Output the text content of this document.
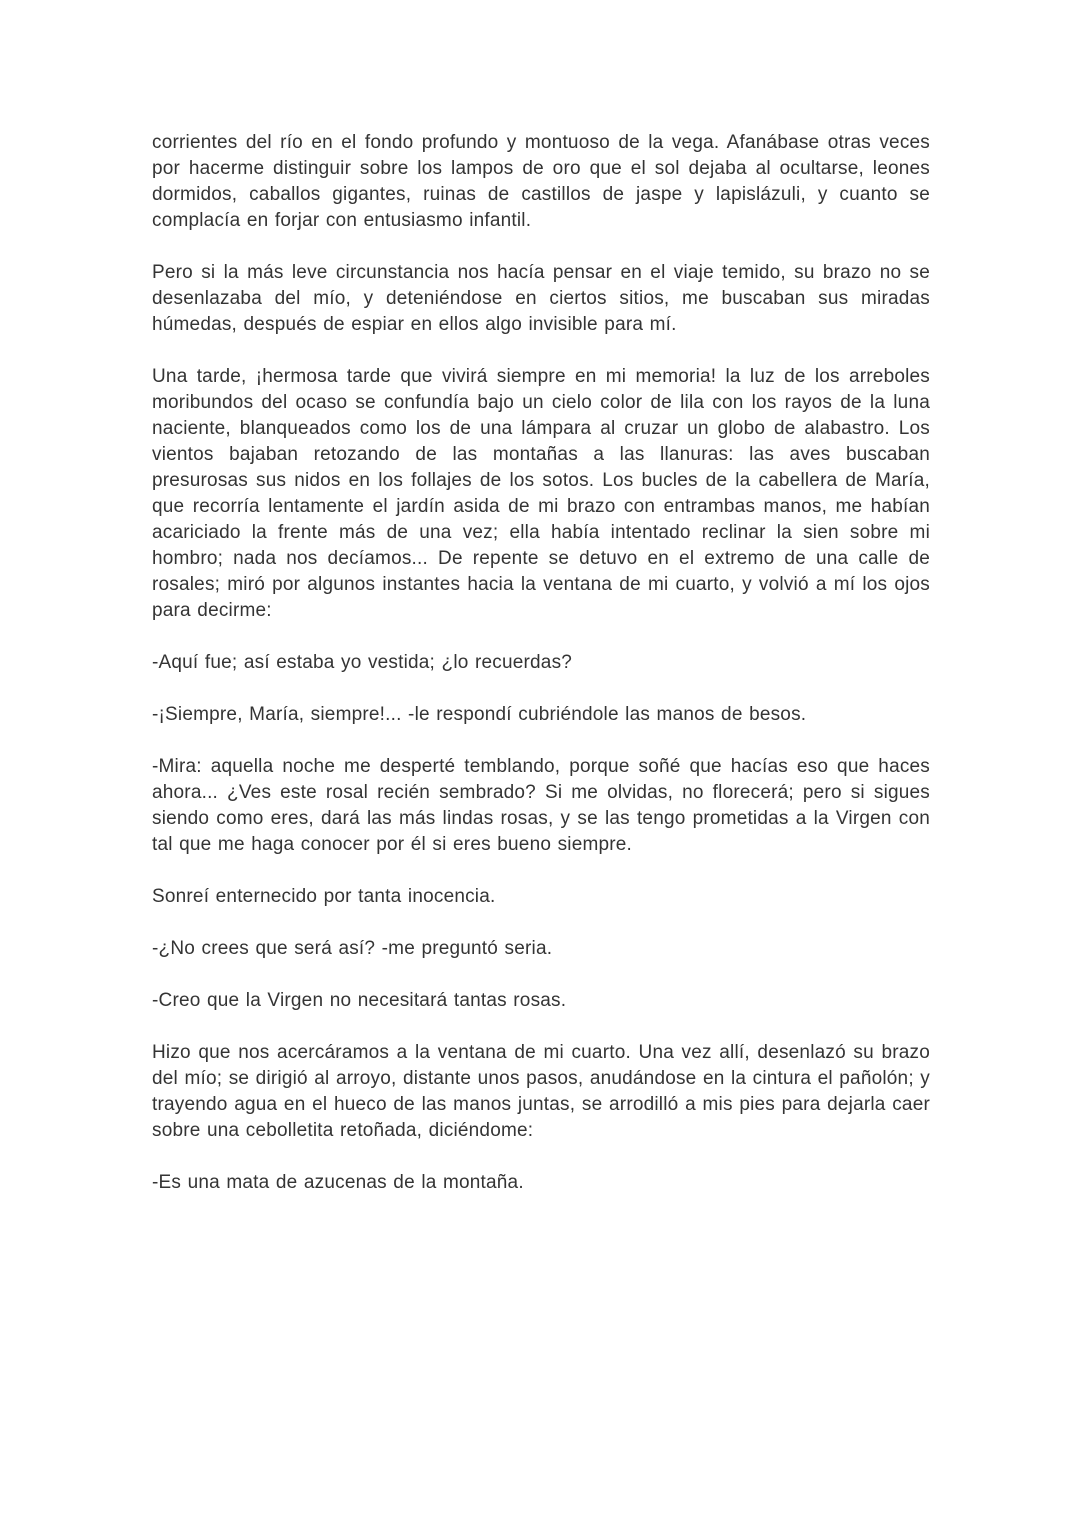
corrientes del río en el fondo profundo y montuoso de la vega. Afanábase otras veces por hacerme distinguir sobre los lampos de oro que el sol dejaba al ocultarse, leones dormidos, caballos gigantes, ruinas de castillos de jaspe y lapislázuli, y cuanto se complacía en forjar con entusiasmo infantil.

Pero si la más leve circunstancia nos hacía pensar en el viaje temido, su brazo no se desenlazaba del mío, y deteniéndose en ciertos sitios, me buscaban sus miradas húmedas, después de espiar en ellos algo invisible para mí.

Una tarde, ¡hermosa tarde que vivirá siempre en mi memoria! la luz de los arreboles moribundos del ocaso se confundía bajo un cielo color de lila con los rayos de la luna naciente, blanqueados como los de una lámpara al cruzar un globo de alabastro. Los vientos bajaban retozando de las montañas a las llanuras: las aves buscaban presurosas sus nidos en los follajes de los sotos. Los bucles de la cabellera de María, que recorría lentamente el jardín asida de mi brazo con entrambas manos, me habían acariciado la frente más de una vez; ella había intentado reclinar la sien sobre mi hombro; nada nos decíamos... De repente se detuvo en el extremo de una calle de rosales; miró por algunos instantes hacia la ventana de mi cuarto, y volvió a mí los ojos para decirme:

-Aquí fue; así estaba yo vestida; ¿lo recuerdas?

-¡Siempre, María, siempre!... -le respondí cubriéndole las manos de besos.

-Mira: aquella noche me desperté temblando, porque soñé que hacías eso que haces ahora... ¿Ves este rosal recién sembrado? Si me olvidas, no florecerá; pero si sigues siendo como eres, dará las más lindas rosas, y se las tengo prometidas a la Virgen con tal que me haga conocer por él si eres bueno siempre.

Sonreí enternecido por tanta inocencia.

-¿No crees que será así? -me preguntó seria.

-Creo que la Virgen no necesitará tantas rosas.

Hizo que nos acercáramos a la ventana de mi cuarto. Una vez allí, desenlazó su brazo del mío; se dirigió al arroyo, distante unos pasos, anudándose en la cintura el pañolón; y trayendo agua en el hueco de las manos juntas, se arrodilló a mis pies para dejarla caer sobre una cebolletita retoñada, diciéndome:

-Es una mata de azucenas de la montaña.
